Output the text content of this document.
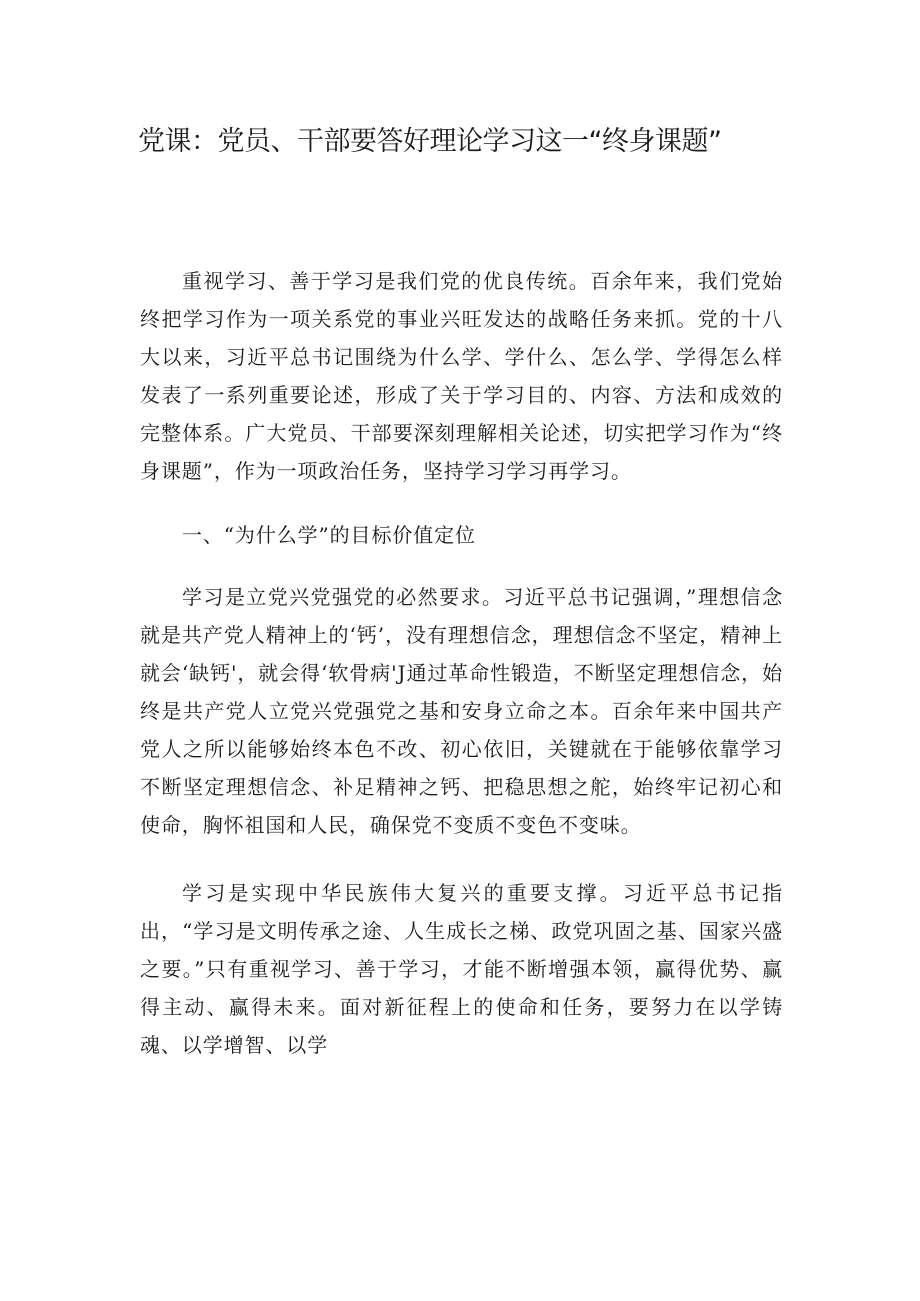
党课：党员、干部要答好理论学习这一“终身课题”

重视学习、善于学习是我们党的优良传统。百余年来，我们党始终把学习作为一项关系党的事业兴旺发达的战略任务来抓。党的十八大以来，习近平总书记围绕为什么学、学什么、怎么学、学得怎么样发表了一系列重要论述，形成了关于学习目的、内容、方法和成效的完整体系。广大党员、干部要深刻理解相关论述，切实把学习作为“终身课题”，作为一项政治任务，坚持学习学习再学习。

一、“为什么学”的目标价值定位

学习是立党兴党强党的必然要求。习近平总书记强调，”理想信念就是共产党人精神上的‘钙’，没有理想信念，理想信念不坚定，精神上就会‘缺钙'，就会得‘软骨病'J通过革命性锻造，不断坚定理想信念，始终是共产党人立党兴党强党之基和安身立命之本。百余年来中国共产党人之所以能够始终本色不改、初心依旧，关键就在于能够依靠学习不断坚定理想信念、补足精神之钙、把稳思想之舵，始终牢记初心和使命，胸怀祖国和人民，确保党不变质不变色不变味。

学习是实现中华民族伟大复兴的重要支撑。习近平总书记指出，“学习是文明传承之途、人生成长之梯、政党巩固之基、国家兴盛之要。”只有重视学习、善于学习，才能不断增强本领，赢得优势、赢得主动、赢得未来。面对新征程上的使命和任务，要努力在以学铸魂、以学增智、以学
